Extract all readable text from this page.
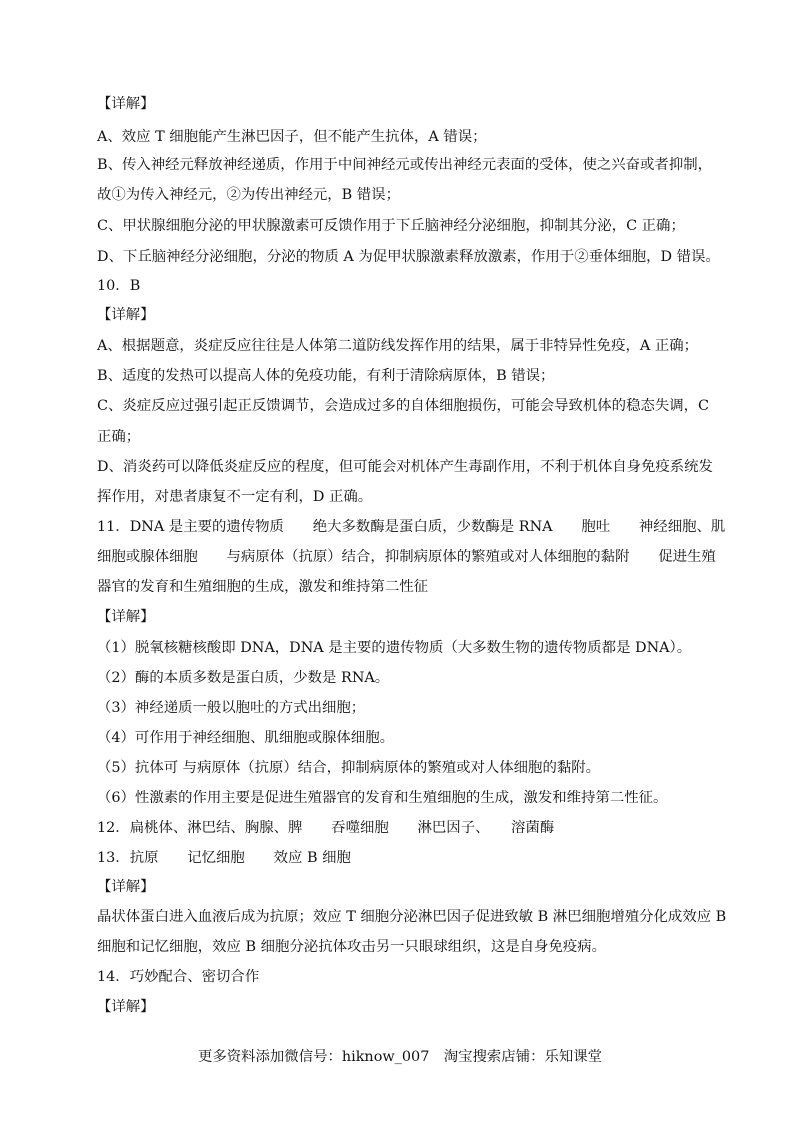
【详解】
A、效应 T 细胞能产生淋巴因子，但不能产生抗体，A 错误；
B、传入神经元释放神经递质，作用于中间神经元或传出神经元表面的受体，使之兴奋或者抑制，
故①为传入神经元，②为传出神经元，B 错误；
C、甲状腺细胞分泌的甲状腺激素可反馈作用于下丘脑神经分泌细胞，抑制其分泌，C 正确；
D、下丘脑神经分泌细胞，分泌的物质 A 为促甲状腺激素释放激素，作用于②垂体细胞，D 错误。
10．B
【详解】
A、根据题意，炎症反应往往是人体第二道防线发挥作用的结果，属于非特异性免疫，A 正确；
B、适度的发热可以提高人体的免疫功能，有利于清除病原体，B 错误；
C、炎症反应过强引起正反馈调节，会造成过多的自体细胞损伤，可能会导致机体的稳态失调，C
正确；
D、消炎药可以降低炎症反应的程度，但可能会对机体产生毒副作用，不利于机体自身免疫系统发
挥作用，对患者康复不一定有利，D 正确。
11．DNA 是主要的遗传物质　　绝大多数酶是蛋白质，少数酶是 RNA　　胞吐　　神经细胞、肌
细胞或腺体细胞　　与病原体（抗原）结合，抑制病原体的繁殖或对人体细胞的黏附　　促进生殖
器官的发育和生殖细胞的生成，激发和维持第二性征
【详解】
（1）脱氧核糖核酸即 DNA，DNA 是主要的遗传物质（大多数生物的遗传物质都是 DNA）。
（2）酶的本质多数是蛋白质，少数是 RNA。
（3）神经递质一般以胞吐的方式出细胞；
（4）可作用于神经细胞、肌细胞或腺体细胞。
（5）抗体可 与病原体（抗原）结合，抑制病原体的繁殖或对人体细胞的黏附。
（6）性激素的作用主要是促进生殖器官的发育和生殖细胞的生成，激发和维持第二性征。
12．扁桃体、淋巴结、胸腺、脾　　吞噬细胞　　淋巴因子、　　溶菌酶
13．抗原　　记忆细胞　　效应 B 细胞
【详解】
晶状体蛋白进入血液后成为抗原；效应 T 细胞分泌淋巴因子促进致敏 B 淋巴细胞增殖分化成效应 B
细胞和记忆细胞，效应 B 细胞分泌抗体攻击另一只眼球组织，这是自身免疫病。
14．巧妙配合、密切合作
【详解】
更多资料添加微信号：hiknow_007　淘宝搜索店铺：乐知课堂
